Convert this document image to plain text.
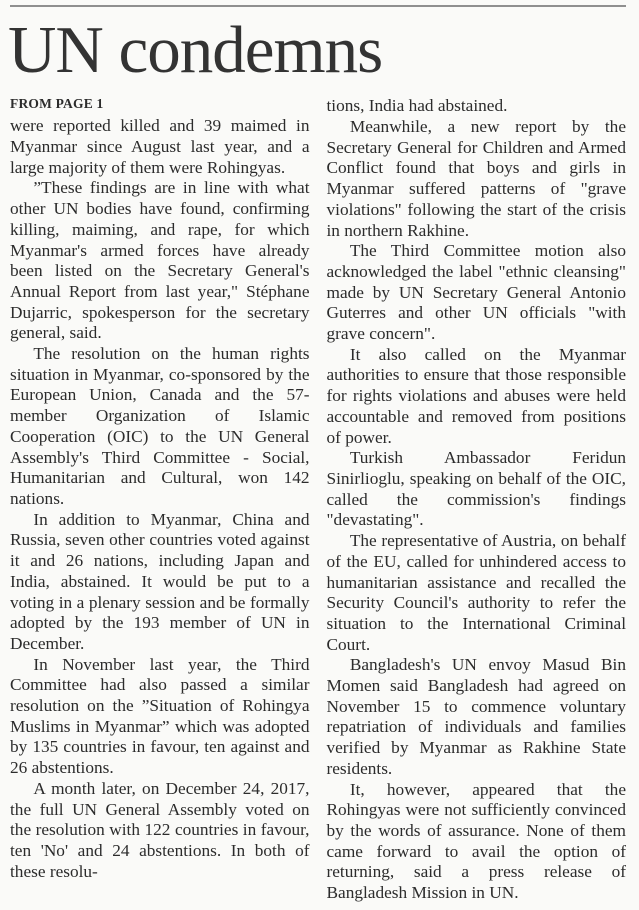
UN condemns
FROM PAGE 1

were reported killed and 39 maimed in Myanmar since August last year, and a large majority of them were Rohingyas.

”These findings are in line with what other UN bodies have found, confirming killing, maiming, and rape, for which Myanmar's armed forces have already been listed on the Secretary General's Annual Report from last year," Stéphane Dujarric, spokesperson for the secretary general, said.

The resolution on the human rights situation in Myanmar, co-sponsored by the European Union, Canada and the 57-member Organization of Islamic Cooperation (OIC) to the UN General Assembly's Third Committee - Social, Humanitarian and Cultural, won 142 nations.

In addition to Myanmar, China and Russia, seven other countries voted against it and 26 nations, including Japan and India, abstained. It would be put to a voting in a plenary session and be formally adopted by the 193 member of UN in December.

In November last year, the Third Committee had also passed a similar resolution on the ”Situation of Rohingya Muslims in Myanmar” which was adopted by 135 countries in favour, ten against and 26 abstentions.

A month later, on December 24, 2017, the full UN General Assembly voted on the resolution with 122 countries in favour, ten 'No' and 24 abstentions. In both of these resolu-

tions, India had abstained.

Meanwhile, a new report by the Secretary General for Children and Armed Conflict found that boys and girls in Myanmar suffered patterns of "grave violations" following the start of the crisis in northern Rakhine.

The Third Committee motion also acknowledged the label "ethnic cleansing" made by UN Secretary General Antonio Guterres and other UN officials "with grave concern".

It also called on the Myanmar authorities to ensure that those responsible for rights violations and abuses were held accountable and removed from positions of power.

Turkish Ambassador Feridun Sinirlioglu, speaking on behalf of the OIC, called the commission's findings "devastating".

The representative of Austria, on behalf of the EU, called for unhindered access to humanitarian assistance and recalled the Security Council's authority to refer the situation to the International Criminal Court.

Bangladesh's UN envoy Masud Bin Momen said Bangladesh had agreed on November 15 to commence voluntary repatriation of individuals and families verified by Myanmar as Rakhine State residents.

It, however, appeared that the Rohingyas were not sufficiently convinced by the words of assurance. None of them came forward to avail the option of returning, said a press release of Bangladesh Mission in UN.
